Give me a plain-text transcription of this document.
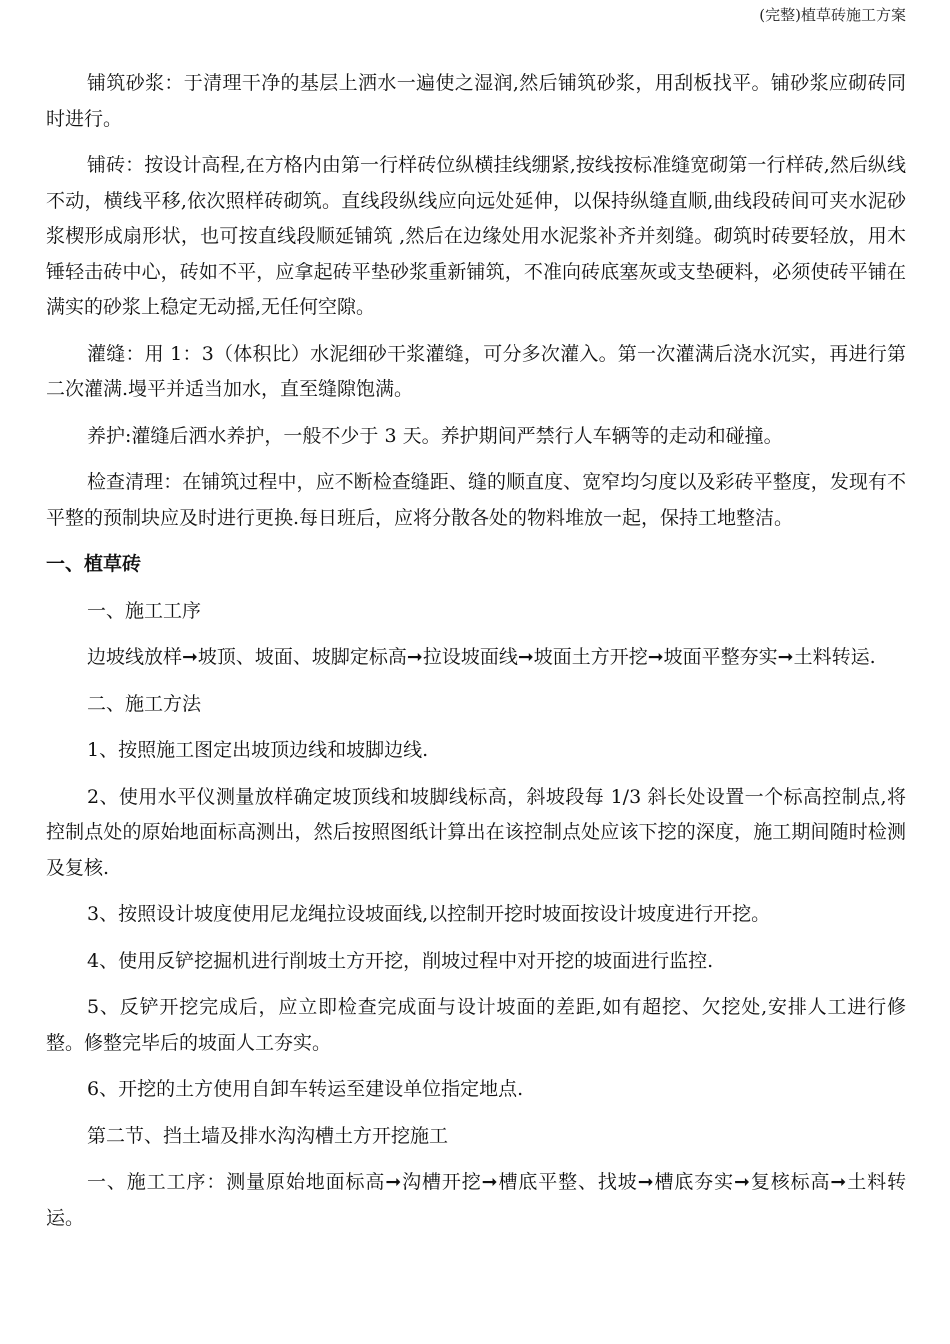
(完整)植草砖施工方案

铺筑砂浆：于清理干净的基层上洒水一遍使之湿润,然后铺筑砂浆，用刮板找平。铺砂浆应砌砖同时进行。

铺砖：按设计高程,在方格内由第一行样砖位纵横挂线绷紧,按线按标准缝宽砌第一行样砖,然后纵线不动，横线平移,依次照样砖砌筑。直线段纵线应向远处延伸，以保持纵缝直顺,曲线段砖间可夹水泥砂浆楔形成扇形状，也可按直线段顺延铺筑 ,然后在边缘处用水泥浆补齐并刻缝。砌筑时砖要轻放，用木锤轻击砖中心，砖如不平，应拿起砖平垫砂浆重新铺筑，不准向砖底塞灰或支垫硬料，必须使砖平铺在满实的砂浆上稳定无动摇,无任何空隙。

灌缝：用 1：3（体积比）水泥细砂干浆灌缝，可分多次灌入。第一次灌满后浇水沉实，再进行第二次灌满.墁平并适当加水，直至缝隙饱满。

养护:灌缝后洒水养护，一般不少于 3 天。养护期间严禁行人车辆等的走动和碰撞。

检查清理：在铺筑过程中，应不断检查缝距、缝的顺直度、宽窄均匀度以及彩砖平整度，发现有不平整的预制块应及时进行更换.每日班后，应将分散各处的物料堆放一起，保持工地整洁。

一、植草砖

一、施工工序

边坡线放样➞坡顶、坡面、坡脚定标高➞拉设坡面线➞坡面土方开挖➞坡面平整夯实➞土料转运.

二、施工方法

1、按照施工图定出坡顶边线和坡脚边线.

2、使用水平仪测量放样确定坡顶线和坡脚线标高，斜坡段每 1/3 斜长处设置一个标高控制点,将控制点处的原始地面标高测出，然后按照图纸计算出在该控制点处应该下挖的深度，施工期间随时检测及复核.

3、按照设计坡度使用尼龙绳拉设坡面线,以控制开挖时坡面按设计坡度进行开挖。

4、使用反铲挖掘机进行削坡土方开挖，削坡过程中对开挖的坡面进行监控.

5、反铲开挖完成后，应立即检查完成面与设计坡面的差距,如有超挖、欠挖处,安排人工进行修整。修整完毕后的坡面人工夯实。

6、开挖的土方使用自卸车转运至建设单位指定地点.

第二节、挡土墙及排水沟沟槽土方开挖施工

一、施工工序：测量原始地面标高➞沟槽开挖➞槽底平整、找坡➞槽底夯实➞复核标高➞土料转运。
